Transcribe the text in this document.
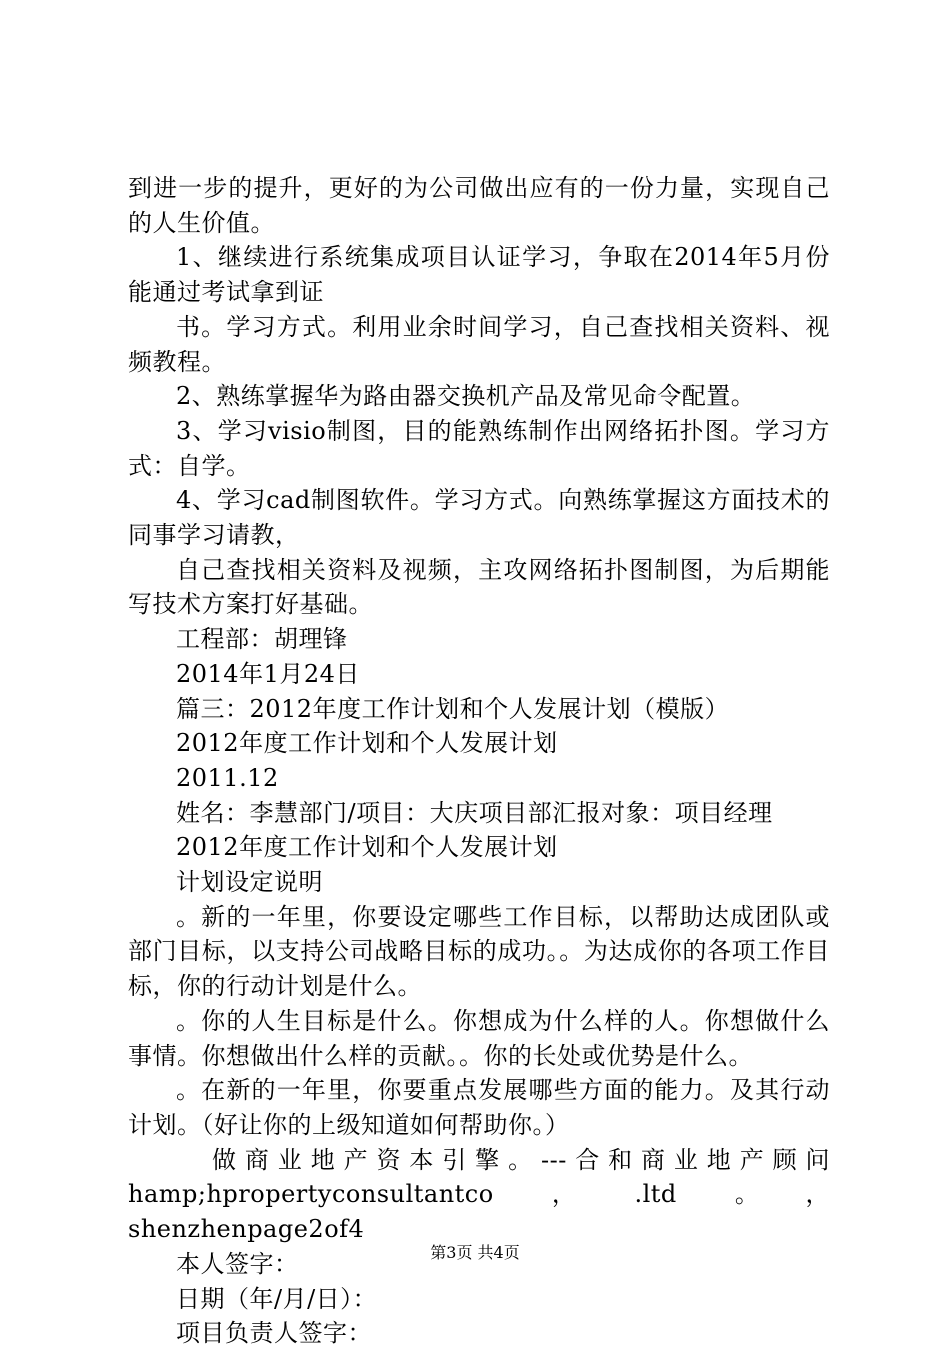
到进一步的提升，更好的为公司做出应有的一份力量，实现自己的人生价值。

1、继续进行系统集成项目认证学习，争取在2014年5月份能通过考试拿到证

书。学习方式。利用业余时间学习，自己查找相关资料、视频教程。

2、熟练掌握华为路由器交换机产品及常见命令配置。

3、学习visio制图，目的能熟练制作出网络拓扑图。学习方式：自学。

4、学习cad制图软件。学习方式。向熟练掌握这方面技术的同事学习请教，

自己查找相关资料及视频，主攻网络拓扑图制图，为后期能写技术方案打好基础。

工程部：胡理锋

2014年1月24日

篇三：2012年度工作计划和个人发展计划（模版）

2012年度工作计划和个人发展计划

2011.12

姓名：李慧部门/项目：大庆项目部汇报对象：项目经理

2012年度工作计划和个人发展计划

计划设定说明

。新的一年里，你要设定哪些工作目标，以帮助达成团队或部门目标，以支持公司战略目标的成功。。为达成你的各项工作目标，你的行动计划是什么。

。你的人生目标是什么。你想成为什么样的人。你想做什么事情。你想做出什么样的贡献。。你的长处或优势是什么。

。在新的一年里，你要重点发展哪些方面的能力。及其行动计划。（好让你的上级知道如何帮助你。）

做商业地产资本引擎。---合和商业地产顾问 hamp;hpropertyconsultantco，.ltd。，shenzhenpage2of4

本人签字：

日期（年/月/日）：

项目负责人签字：

第3页 共4页
